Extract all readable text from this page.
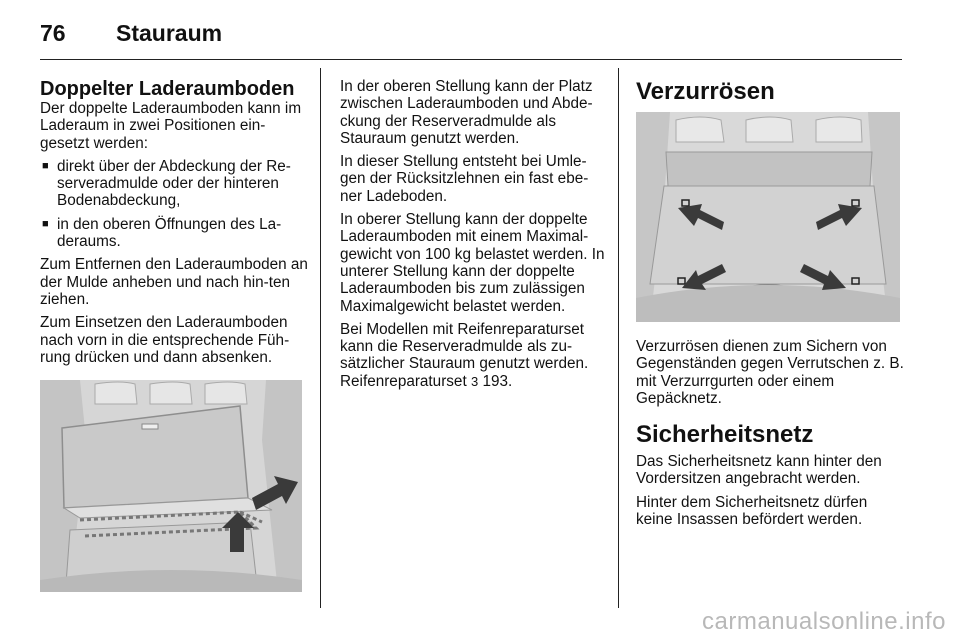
76 Stauraum
Doppelter Laderaumboden

Der doppelte Laderaumboden kann im Laderaum in zwei Positionen ein-gesetzt werden:

■ direkt über der Abdeckung der Re-serveradmulde oder der hinteren Bodenabdeckung,
■ in den oberen Öffnungen des La-deraums.

Zum Entfernen den Laderaumboden an der Mulde anheben und nach hin-ten ziehen.

Zum Einsetzen den Laderaumboden nach vorn in die entsprechende Füh-rung drücken und dann absenken.

In der oberen Stellung kann der Platz zwischen Laderaumboden und Abde-ckung der Reserveradmulde als Stauraum genutzt werden.

In dieser Stellung entsteht bei Umle-gen der Rücksitzlehnen ein fast ebe-ner Ladeboden.

In oberer Stellung kann der doppelte Laderaumboden mit einem Maximal-gewicht von 100 kg belastet werden. In unterer Stellung kann der doppelte Laderaumboden bis zum zulässigen Maximalgewicht belastet werden.

Bei Modellen mit Reifenreparaturset kann die Reserveradmulde als zu-sätzlicher Stauraum genutzt werden. Reifenreparaturset 3 193.

Verzurrösen

Verzurrösen dienen zum Sichern von Gegenständen gegen Verrutschen z. B. mit Verzurrgurten oder einem Gepäcknetz.

Sicherheitsnetz

Das Sicherheitsnetz kann hinter den Vordersitzen angebracht werden.

Hinter dem Sicherheitsnetz dürfen keine Insassen befördert werden.

carmanualsonline.info
